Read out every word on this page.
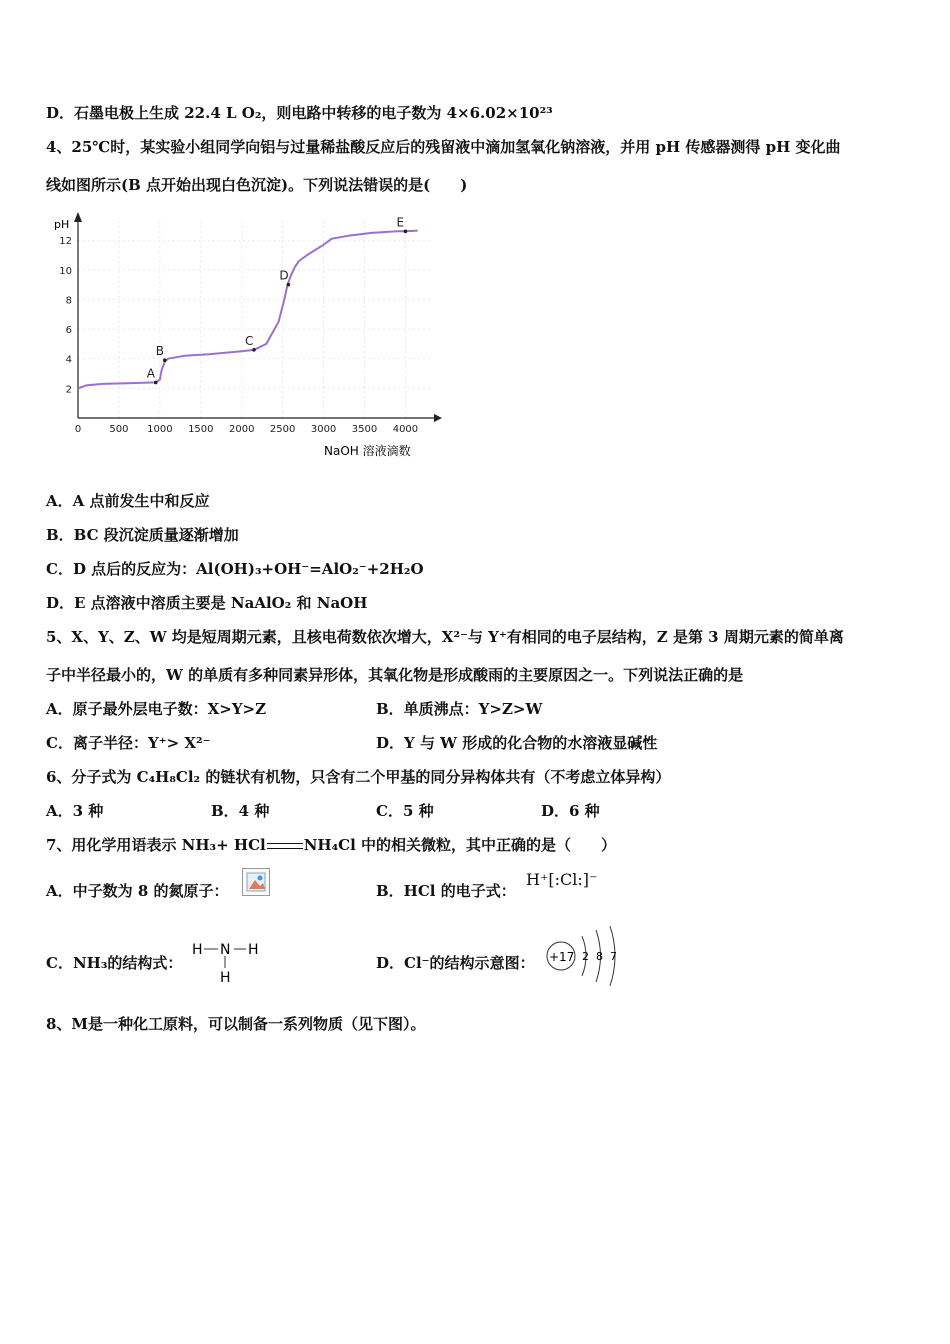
D．石墨电极上生成 22.4 L O₂，则电路中转移的电子数为 4×6.02×10²³
4、25℃时，某实验小组同学向铝与过量稀盐酸反应后的残留液中滴加氢氧化钠溶液，并用 pH 传感器测得 pH 变化曲
线如图所示(B 点开始出现白色沉淀)。下列说法错误的是(　　)
pH
NaOH 溶液滴数
0	500 1000 1500 2000 2500 3000 3500 4000
2
4
6
8
10
12
A
B
C
D
E
A．A 点前发生中和反应
B．BC 段沉淀质量逐渐增加
C．D 点后的反应为：Al(OH)₃+OH⁻=AlO₂⁻+2H₂O
D．E 点溶液中溶质主要是 NaAlO₂ 和 NaOH
5、X、Y、Z、W 均是短周期元素，且核电荷数依次增大，X²⁻与 Y⁺有相同的电子层结构，Z 是第 3 周期元素的简单离
子中半径最小的，W 的单质有多种同素异形体，其氧化物是形成酸雨的主要原因之一。下列说法正确的是
A．原子最外层电子数：X>Y>Z	B．单质沸点：Y>Z>W
C．离子半径：Y⁺> X²⁻	D．Y 与 W 形成的化合物的水溶液显碱性
6、分子式为 C₄H₈Cl₂ 的链状有机物，只含有二个甲基的同分异构体共有（不考虑立体异构）
A．3 种	B．4 种	C．5 种	D．6 种
7、用化学用语表示 NH₃+ HCl	NH₄Cl 中的相关微粒，其中正确的是（　　）
A．中子数为 8 的氮原子：	B．HCl 的电子式：
H⁺[:Cl:]⁻
C．NH₃的结构式：
H N H
H
D．Cl⁻的结构示意图： +17 2 8 7
8、M是一种化工原料，可以制备一系列物质（见下图）。
